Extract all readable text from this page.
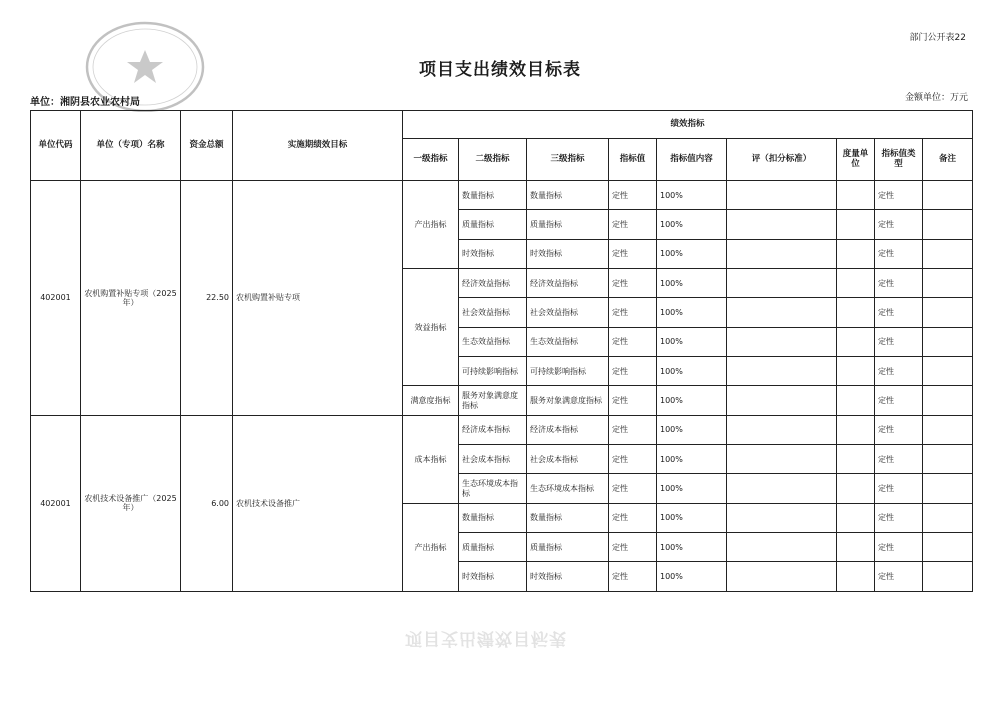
部门公开表22
项目支出绩效目标表
单位：湘阴县农业农村局	金额单位：万元
单位代码	单位（专项）名称	资金总额	实施期绩效目标	绩效指标								
				一级指标	二级指标	三级指标	指标值	指标值内容	评（扣分标准）	度量单位	指标值类型	备注
402001	农机购置补贴专项（2025年）	22.50	农机购置补贴专项	产出指标	数量指标	数量指标	定性	100%			定性	
					质量指标	质量指标	定性	100%			定性	
					时效指标	时效指标	定性	100%			定性	
				效益指标	经济效益指标	经济效益指标	定性	100%			定性	
					社会效益指标	社会效益指标	定性	100%			定性	
					生态效益指标	生态效益指标	定性	100%			定性	
					可持续影响指标	可持续影响指标	定性	100%			定性	
				满意度指标	服务对象满意度指标	服务对象满意度指标	定性	100%			定性	
402001	农机技术设备推广（2025年）	6.00	农机技术设备推广	成本指标	经济成本指标	经济成本指标	定性	100%			定性	
					社会成本指标	社会成本指标	定性	100%			定性	
					生态环境成本指标	生态环境成本指标	定性	100%			定性	
				产出指标	数量指标	数量指标	定性	100%			定性	
					质量指标	质量指标	定性	100%			定性	
					时效指标	时效指标	定性	100%			定性	
项目支出绩效目标表
